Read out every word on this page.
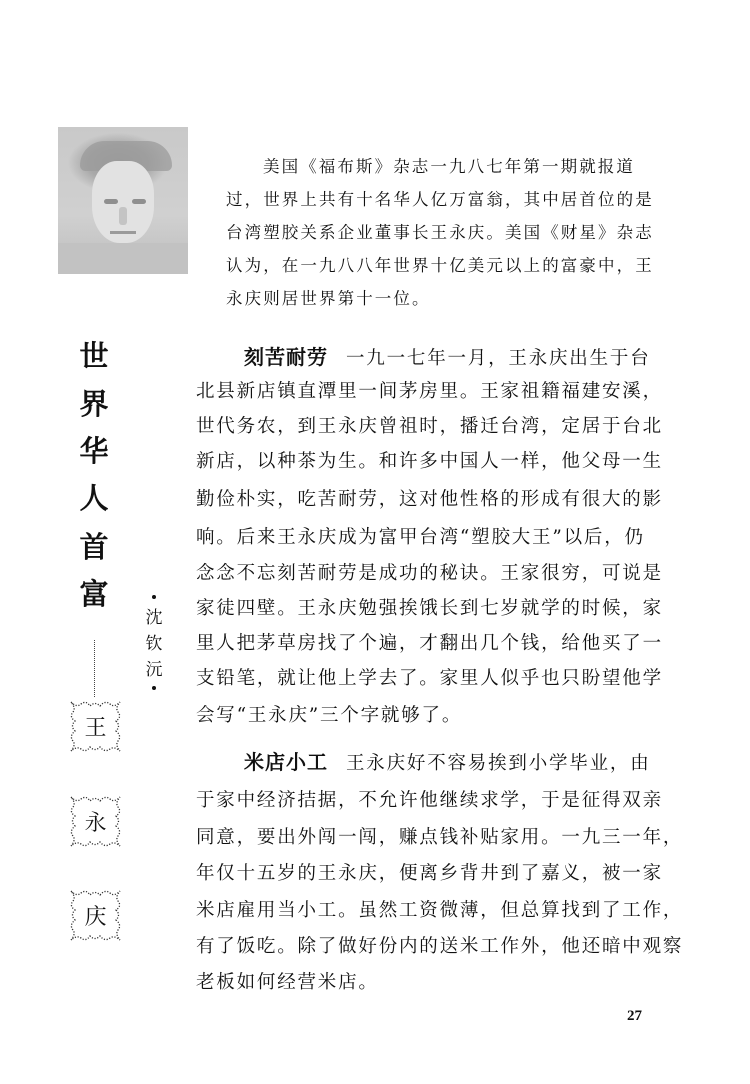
美国《福布斯》杂志一九八七年第一期就报道
过，世界上共有十名华人亿万富翁，其中居首位的是
台湾塑胶关系企业董事长王永庆。美国《财星》杂志
认为，在一九八八年世界十亿美元以上的富豪中，王
永庆则居世界第十一位。
世
界
华
人
首
富
沈
钦
沅
王
永
庆
刻苦耐劳 一九一七年一月，王永庆出生于台
北县新店镇直潭里一间茅房里。王家祖籍福建安溪，
世代务农，到王永庆曾祖时，播迁台湾，定居于台北
新店，以种茶为生。和许多中国人一样，他父母一生
勤俭朴实，吃苦耐劳，这对他性格的形成有很大的影
响。后来王永庆成为富甲台湾“塑胶大王”以后，仍
念念不忘刻苦耐劳是成功的秘诀。王家很穷，可说是
家徒四壁。王永庆勉强挨饿长到七岁就学的时候，家
里人把茅草房找了个遍，才翻出几个钱，给他买了一
支铅笔，就让他上学去了。家里人似乎也只盼望他学
会写“王永庆”三个字就够了。
米店小工 王永庆好不容易挨到小学毕业，由
于家中经济拮据，不允许他继续求学，于是征得双亲
同意，要出外闯一闯，赚点钱补贴家用。一九三一年，
年仅十五岁的王永庆，便离乡背井到了嘉义，被一家
米店雇用当小工。虽然工资微薄，但总算找到了工作，
有了饭吃。除了做好份内的送米工作外，他还暗中观察
老板如何经营米店。
27
